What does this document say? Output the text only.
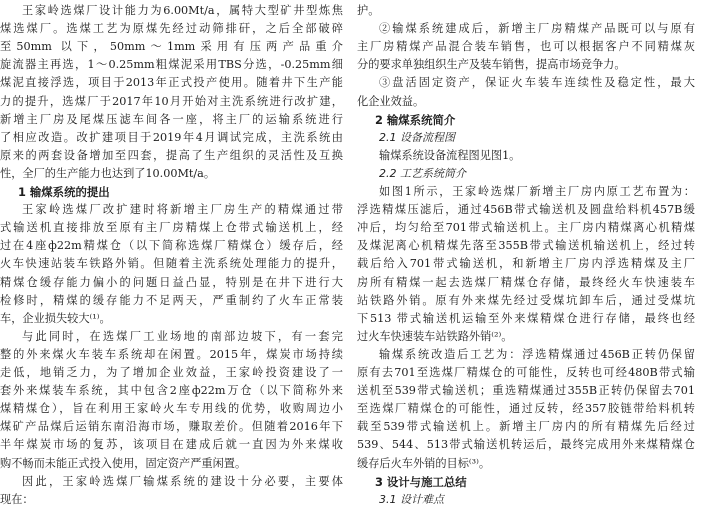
王家岭选煤厂设计能力为6.00Mt/a，属特大型矿井型炼焦
煤选煤厂。选煤工艺为原煤先经过动筛排矸，之后全部破碎
至50mm 以下，50mm～1mm采用有压两产品重介
旋流器主再选，1～0.25mm粗煤泥采用TBS分选，-0.25mm细
煤泥直接浮选，项目于2013年正式投产使用。随着井下生产能
力的提升，选煤厂于2017年10月开始对主洗系统进行改扩建，
新增主厂房及尾煤压滤车间各一座，将主厂的运输系统进行
了相应改造。改扩建项目于2019年4月调试完成，主洗系统由
原来的两套设备增加至四套，提高了生产组织的灵活性及互换
性，全厂的生产能力也达到了10.00Mt/a。
1 输煤系统的提出
王家岭选煤厂改扩建时将新增主厂房生产的精煤通过带
式输送机直接排放至原有主厂房精煤上仓带式输送机上，经
过在4座ф22m精煤仓（以下简称选煤厂精煤仓）缓存后，经
火车快速站装车铁路外销。但随着主洗系统处理能力的提升，
精煤仓缓存能力偏小的问题日益凸显，特别是在井下进行大
检修时，精煤的缓存能力不足两天，严重制约了火车正常装
车，企业损失较大⁽¹⁾。
与此同时，在选煤厂工业场地的南部边坡下，有一套完
整的外来煤火车装车系统却在闲置。2015年，煤炭市场持续
走低，地销乏力，为了增加企业效益，王家岭投资建设了一
套外来煤装车系统，其中包含2座ф22m万仓（以下简称外来
煤精煤仓），旨在利用王家岭火车专用线的优势，收购周边小
煤矿产品煤后运销东南沿海市场，赚取差价。但随着2016年下
半年煤炭市场的复苏，该项目在建成后就一直因为外来煤收
购不畅而未能正式投入使用，固定资产严重闲置。
因此，王家岭选煤厂输煤系统的建设十分必要，主要体
现在：
护。
②输煤系统建成后，新增主厂房精煤产品既可以与原有
主厂房精煤产品混合装车销售，也可以根据客户不同精煤灰
分的要求单独组织生产及装车销售，提高市场竞争力。
③盘活固定资产，保证火车装车连续性及稳定性，最大
化企业效益。
2 输煤系统简介
2.1 设备流程图
输煤系统设备流程图见图1。
2.2 工艺系统简介
如图1所示，王家岭选煤厂新增主厂房内原工艺布置为：
浮选精煤压滤后，通过456B带式输送机及圆盘给料机457B缓
冲后，均匀给至701带式输送机上。主厂房内精煤离心机精煤
及煤泥离心机精煤先落至355B带式输送机输送机上，经过转
载后给入701带式输送机，和新增主厂房内浮选精煤及主厂
房所有精煤一起去选煤厂精煤仓存储，最终经火车快速装车
站铁路外销。原有外来煤先经过受煤坑卸车后，通过受煤坑
下513 带式输送机运输至外来煤精煤仓进行存储，最终也经
过火车快速装车站铁路外销⁽²⁾。
输煤系统改造后工艺为：浮选精煤通过456B正转仍保留
原有去701至选煤厂精煤仓的可能性，反转也可经480B带式输
送机至539带式输送机；重选精煤通过355B正转仍保留去701
至选煤厂精煤仓的可能性，通过反转，经357胶链带给料机转
载至539带式输送机上。新增主厂房内的所有精煤先后经过
539、544、513带式输送机转运后，最终完成用外来煤精煤仓
缓存后火车外销的目标⁽³⁾。
3 设计与施工总结
3.1 设计难点
